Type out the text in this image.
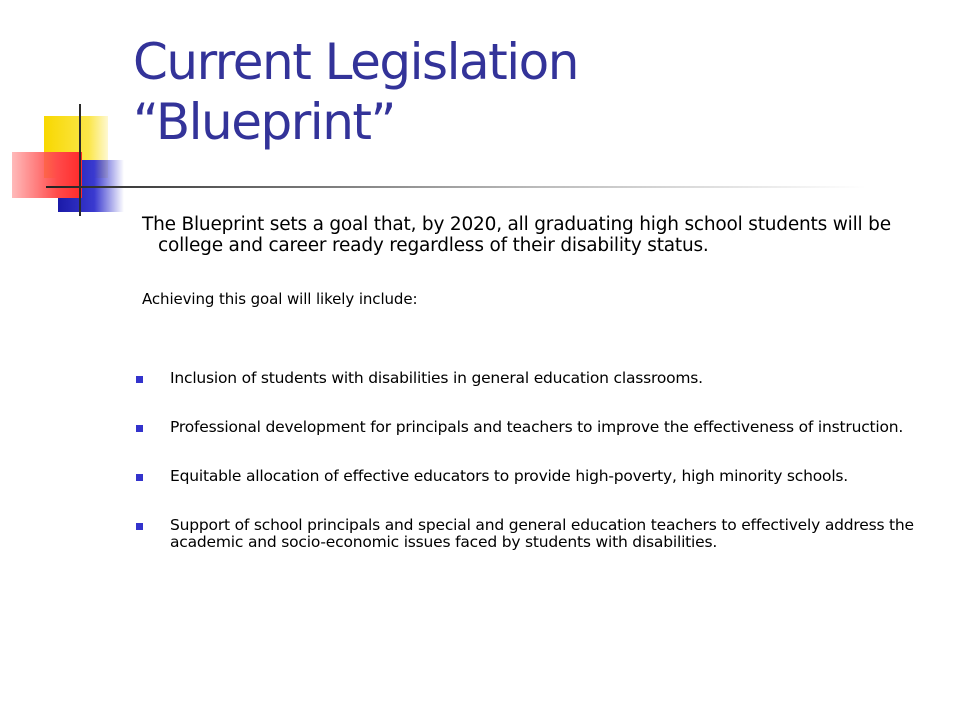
Current Legislation
“Blueprint”

The Blueprint sets a goal that, by 2020, all graduating high school students will be college and career ready regardless of their disability status.

Achieving this goal will likely include:

Inclusion of students with disabilities in general education classrooms.
Professional development for principals and teachers to improve the effectiveness of instruction.
Equitable allocation of effective educators to provide high-poverty, high minority schools.
Support of school principals and special and general education teachers to effectively address the academic and socio-economic issues faced by students with disabilities.
